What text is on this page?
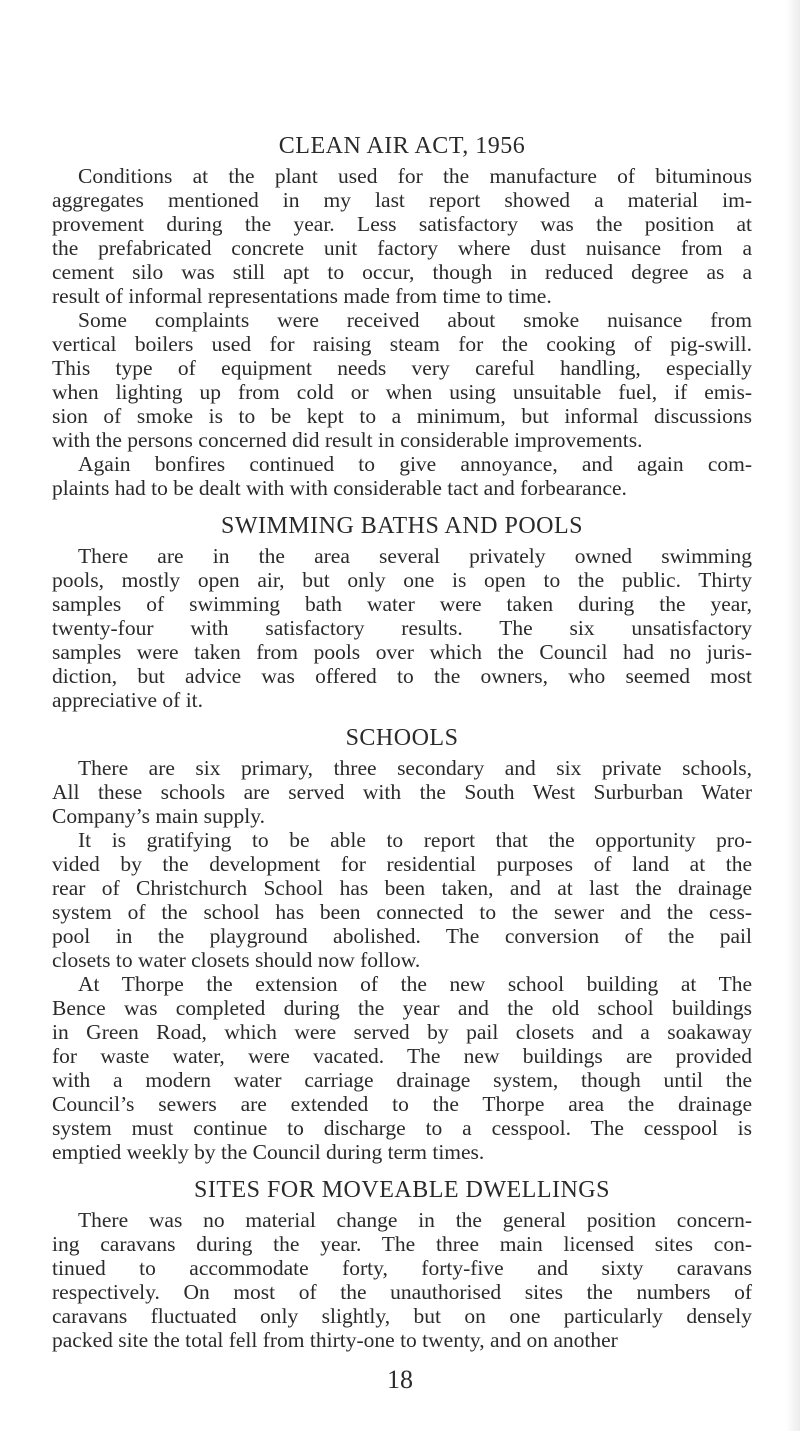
CLEAN AIR ACT, 1956
Conditions at the plant used for the manufacture of bituminous
aggregates mentioned in my last report showed a material im-
provement during the year. Less satisfactory was the position at
the prefabricated concrete unit factory where dust nuisance from a
cement silo was still apt to occur, though in reduced degree as a
result of informal representations made from time to time.
Some complaints were received about smoke nuisance from
vertical boilers used for raising steam for the cooking of pig-swill.
This type of equipment needs very careful handling, especially
when lighting up from cold or when using unsuitable fuel, if emis-
sion of smoke is to be kept to a minimum, but informal discussions
with the persons concerned did result in considerable improvements.
Again bonfires continued to give annoyance, and again com-
plaints had to be dealt with with considerable tact and forbearance.
SWIMMING BATHS AND POOLS
There are in the area several privately owned swimming
pools, mostly open air, but only one is open to the public. Thirty
samples of swimming bath water were taken during the year,
twenty-four with satisfactory results. The six unsatisfactory
samples were taken from pools over which the Council had no juris-
diction, but advice was offered to the owners, who seemed most
appreciative of it.
SCHOOLS
There are six primary, three secondary and six private schools,
All these schools are served with the South West Surburban Water
Company’s main supply.
It is gratifying to be able to report that the opportunity pro-
vided by the development for residential purposes of land at the
rear of Christchurch School has been taken, and at last the drainage
system of the school has been connected to the sewer and the cess-
pool in the playground abolished. The conversion of the pail
closets to water closets should now follow.
At Thorpe the extension of the new school building at The
Bence was completed during the year and the old school buildings
in Green Road, which were served by pail closets and a soakaway
for waste water, were vacated. The new buildings are provided
with a modern water carriage drainage system, though until the
Council’s sewers are extended to the Thorpe area the drainage
system must continue to discharge to a cesspool. The cesspool is
emptied weekly by the Council during term times.
SITES FOR MOVEABLE DWELLINGS
There was no material change in the general position concern-
ing caravans during the year. The three main licensed sites con-
tinued to accommodate forty, forty-five and sixty caravans
respectively. On most of the unauthorised sites the numbers of
caravans fluctuated only slightly, but on one particularly densely
packed site the total fell from thirty-one to twenty, and on another
18
